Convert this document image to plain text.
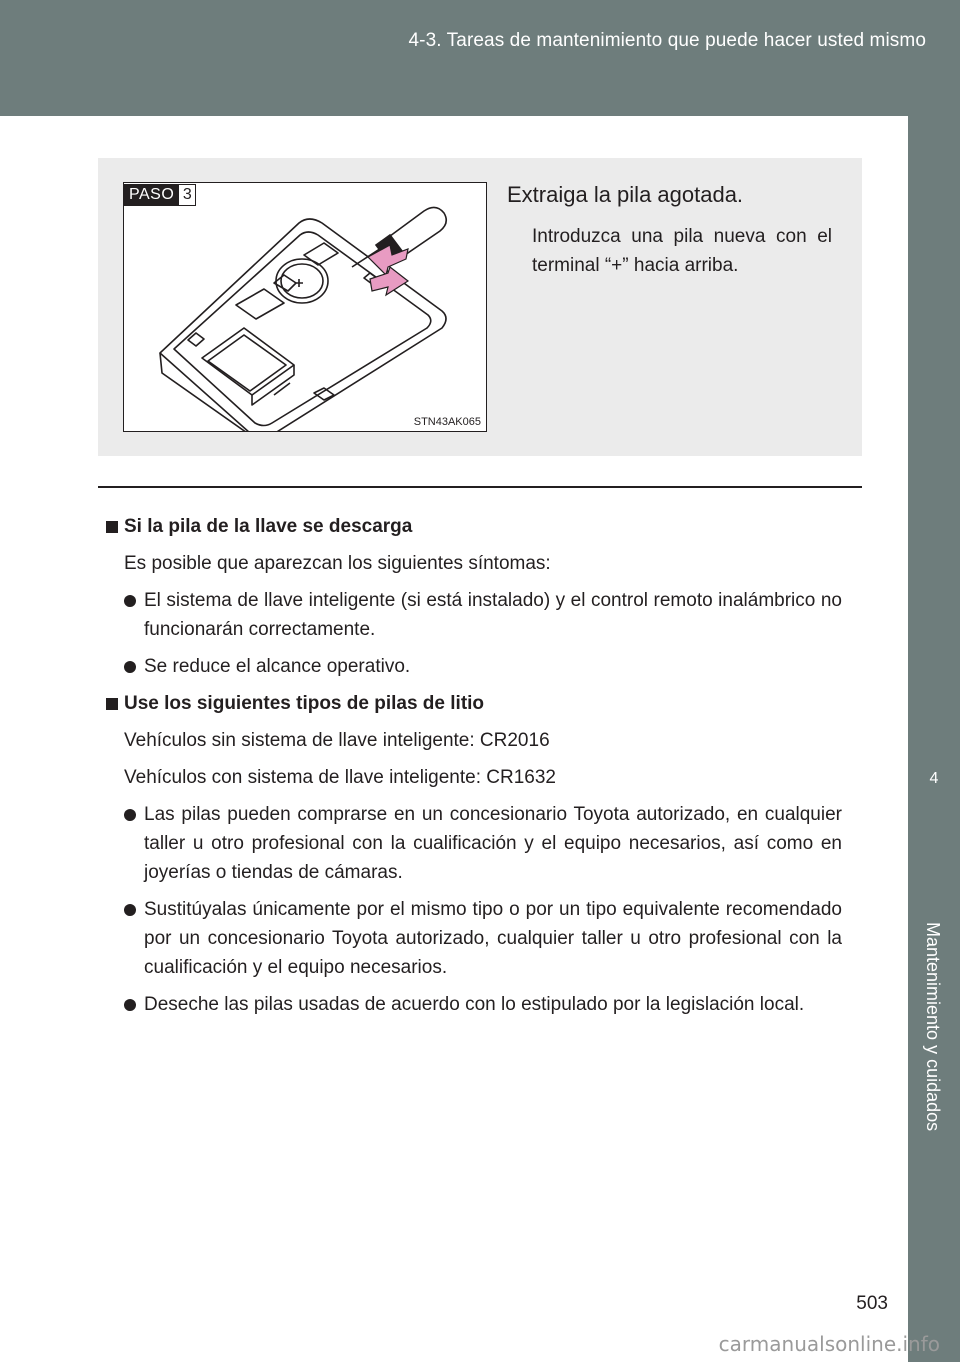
4-3. Tareas de mantenimiento que puede hacer usted mismo
4
Mantenimiento y cuidados
PASO 3
STN43AK065
Extraiga la pila agotada.
Introduzca una pila nueva con el terminal “+” hacia arriba.
Si la pila de la llave se descarga
Es posible que aparezcan los siguientes síntomas:
El sistema de llave inteligente (si está instalado) y el control remoto inalámbrico no funcionarán correctamente.
Se reduce el alcance operativo.
Use los siguientes tipos de pilas de litio
Vehículos sin sistema de llave inteligente: CR2016
Vehículos con sistema de llave inteligente: CR1632
Las pilas pueden comprarse en un concesionario Toyota autorizado, en cualquier taller u otro profesional con la cualificación y el equipo necesarios, así como en joyerías o tiendas de cámaras.
Sustitúyalas únicamente por el mismo tipo o por un tipo equivalente recomendado por un concesionario Toyota autorizado, cualquier taller u otro profesional con la cualificación y el equipo necesarios.
Deseche las pilas usadas de acuerdo con lo estipulado por la legislación local.
503
carmanualsonline.info
